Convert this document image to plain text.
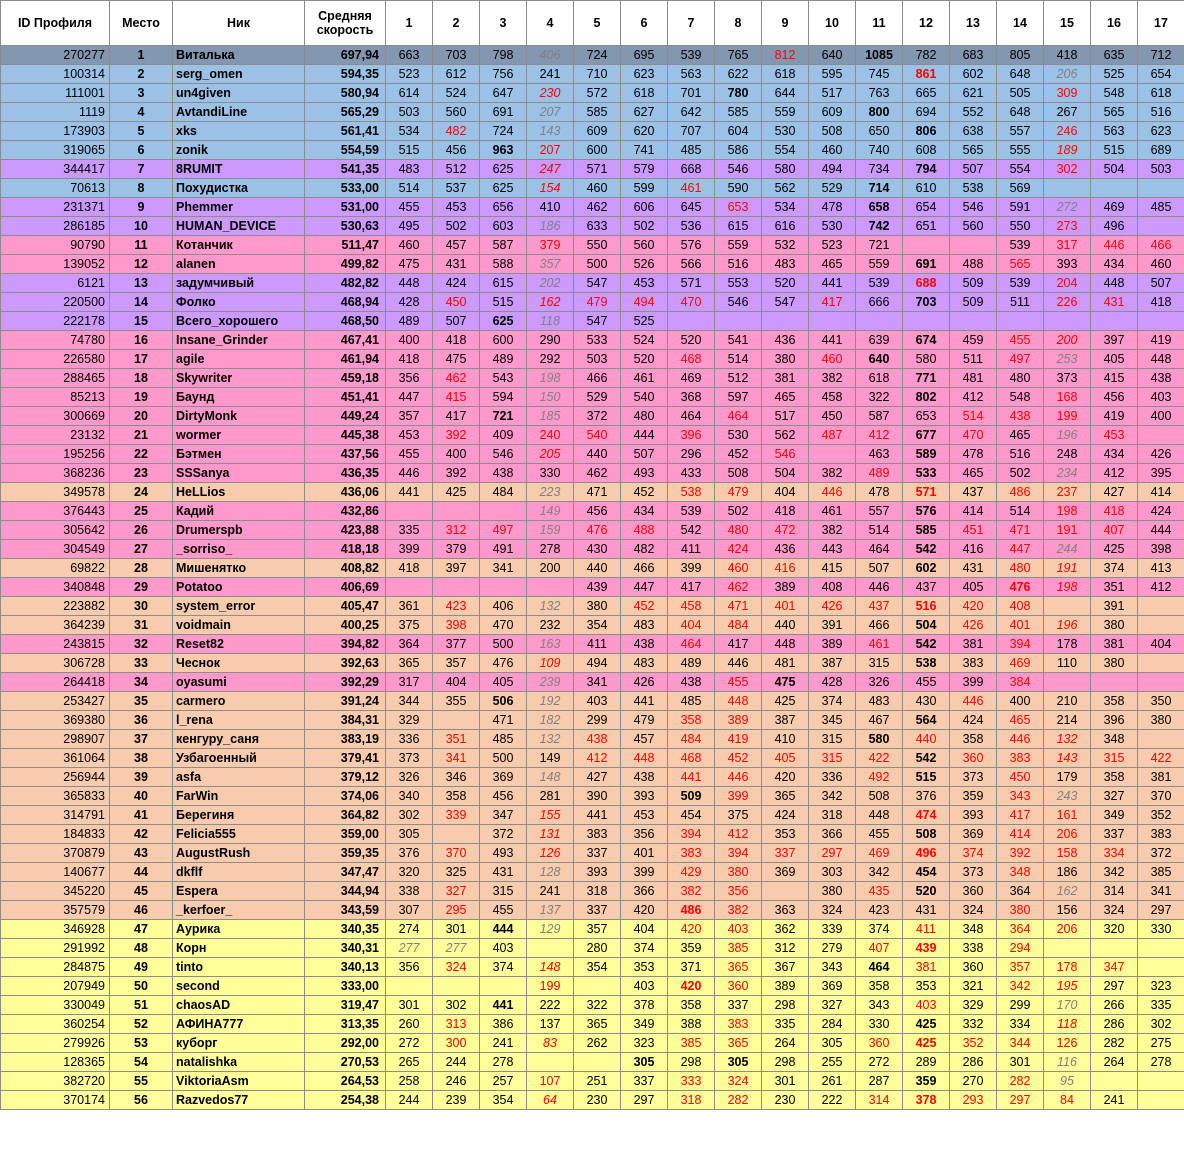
ID Профиля	Место	Ник	Средняя скорость	1	2	3	4	5	6	7	8	9	10	11	12	13	14	15	16	17
270277	1	Виталька	697,94	663	703	798	406	724	695	539	765	812	640	1085	782	683	805	418	635	712
100314	2	serg_omen	594,35	523	612	756	241	710	623	563	622	618	595	745	861	602	648	206	525	654
111001	3	un4given	580,94	614	524	647	230	572	618	701	780	644	517	763	665	621	505	309	548	618
1119	4	AvtandiLine	565,29	503	560	691	207	585	627	642	585	559	609	800	694	552	648	267	565	516
173903	5	xks	561,41	534	482	724	143	609	620	707	604	530	508	650	806	638	557	246	563	623
319065	6	zonik	554,59	515	456	963	207	600	741	485	586	554	460	740	608	565	555	189	515	689
344417	7	8RUMIT	541,35	483	512	625	247	571	579	668	546	580	494	734	794	507	554	302	504	503
70613	8	Похудистка	533,00	514	537	625	154	460	599	461	590	562	529	714	610	538	569			
231371	9	Phemmer	531,00	455	453	656	410	462	606	645	653	534	478	658	654	546	591	272	469	485
286185	10	HUMAN_DEVICE	530,63	495	502	603	186	633	502	536	615	616	530	742	651	560	550	273	496	
90790	11	Котанчик	511,47	460	457	587	379	550	560	576	559	532	523	721			539	317	446	466
139052	12	alanen	499,82	475	431	588	357	500	526	566	516	483	465	559	691	488	565	393	434	460
6121	13	задумчивый	482,82	448	424	615	202	547	453	571	553	520	441	539	688	509	539	204	448	507
220500	14	Фолко	468,94	428	450	515	162	479	494	470	546	547	417	666	703	509	511	226	431	418
222178	15	Всего_хорошего	468,50	489	507	625	118	547	525											
74780	16	Insane_Grinder	467,41	400	418	600	290	533	524	520	541	436	441	639	674	459	455	200	397	419
226580	17	agile	461,94	418	475	489	292	503	520	468	514	380	460	640	580	511	497	253	405	448
288465	18	Skywriter	459,18	356	462	543	198	466	461	469	512	381	382	618	771	481	480	373	415	438
85213	19	Баунд	451,41	447	415	594	150	529	540	368	597	465	458	322	802	412	548	168	456	403
300669	20	DirtyMonk	449,24	357	417	721	185	372	480	464	464	517	450	587	653	514	438	199	419	400
23132	21	wormer	445,38	453	392	409	240	540	444	396	530	562	487	412	677	470	465	196	453	
195256	22	Бэтмен	437,56	455	400	546	205	440	507	296	452	546		463	589	478	516	248	434	426
368236	23	SSSanya	436,35	446	392	438	330	462	493	433	508	504	382	489	533	465	502	234	412	395
349578	24	HeLLios	436,06	441	425	484	223	471	452	538	479	404	446	478	571	437	486	237	427	414
376443	25	Кадий	432,86				149	456	434	539	502	418	461	557	576	414	514	198	418	424
305642	26	Drumerspb	423,88	335	312	497	159	476	488	542	480	472	382	514	585	451	471	191	407	444
304549	27	_sorriso_	418,18	399	379	491	278	430	482	411	424	436	443	464	542	416	447	244	425	398
69822	28	Мишенятко	408,82	418	397	341	200	440	466	399	460	416	415	507	602	431	480	191	374	413
340848	29	Potatoo	406,69					439	447	417	462	389	408	446	437	405	476	198	351	412
223882	30	system_error	405,47	361	423	406	132	380	452	458	471	401	426	437	516	420	408		391	
364239	31	voidmain	400,25	375	398	470	232	354	483	404	484	440	391	466	504	426	401	196	380	
243815	32	Reset82	394,82	364	377	500	163	411	438	464	417	448	389	461	542	381	394	178	381	404
306728	33	Чеснок	392,63	365	357	476	109	494	483	489	446	481	387	315	538	383	469	110	380	
264418	34	oyasumi	392,29	317	404	405	239	341	426	438	455	475	428	326	455	399	384			
253427	35	carmero	391,24	344	355	506	192	403	441	485	448	425	374	483	430	446	400	210	358	350
369380	36	l_rena	384,31	329		471	182	299	479	358	389	387	345	467	564	424	465	214	396	380
298907	37	кенгуру_саня	383,19	336	351	485	132	438	457	484	419	410	315	580	440	358	446	132	348	
361064	38	Узбагоенный	379,41	373	341	500	149	412	448	468	452	405	315	422	542	360	383	143	315	422
256944	39	asfa	379,12	326	346	369	148	427	438	441	446	420	336	492	515	373	450	179	358	381
365833	40	FarWin	374,06	340	358	456	281	390	393	509	399	365	342	508	376	359	343	243	327	370
314791	41	Берегиня	364,82	302	339	347	155	441	453	454	375	424	318	448	474	393	417	161	349	352
184833	42	Felicia555	359,00	305		372	131	383	356	394	412	353	366	455	508	369	414	206	337	383
370879	43	AugustRush	359,35	376	370	493	126	337	401	383	394	337	297	469	496	374	392	158	334	372
140677	44	dkflf	347,47	320	325	431	128	393	399	429	380	369	303	342	454	373	348	186	342	385
345220	45	Espera	344,94	338	327	315	241	318	366	382	356		380	435	520	360	364	162	314	341
357579	46	_kerfoer_	343,59	307	295	455	137	337	420	486	382	363	324	423	431	324	380	156	324	297
346928	47	Аурика	340,35	274	301	444	129	357	404	420	403	362	339	374	411	348	364	206	320	330
291992	48	Корн	340,31	277	277	403		280	374	359	385	312	279	407	439	338	294			
284875	49	tinto	340,13	356	324	374	148	354	353	371	365	367	343	464	381	360	357	178	347	
207949	50	second	333,00				199		403	420	360	389	369	358	353	321	342	195	297	323
330049	51	chaosAD	319,47	301	302	441	222	322	378	358	337	298	327	343	403	329	299	170	266	335
360254	52	АФИНА777	313,35	260	313	386	137	365	349	388	383	335	284	330	425	332	334	118	286	302
279926	53	куборг	292,00	272	300	241	83	262	323	385	365	264	305	360	425	352	344	126	282	275
128365	54	natalishka	270,53	265	244	278			305	298	305	298	255	272	289	286	301	116	264	278
382720	55	ViktoriaAsm	264,53	258	246	257	107	251	337	333	324	301	261	287	359	270	282	95		
370174	56	Razvedos77	254,38	244	239	354	64	230	297	318	282	230	222	314	378	293	297	84	241	
